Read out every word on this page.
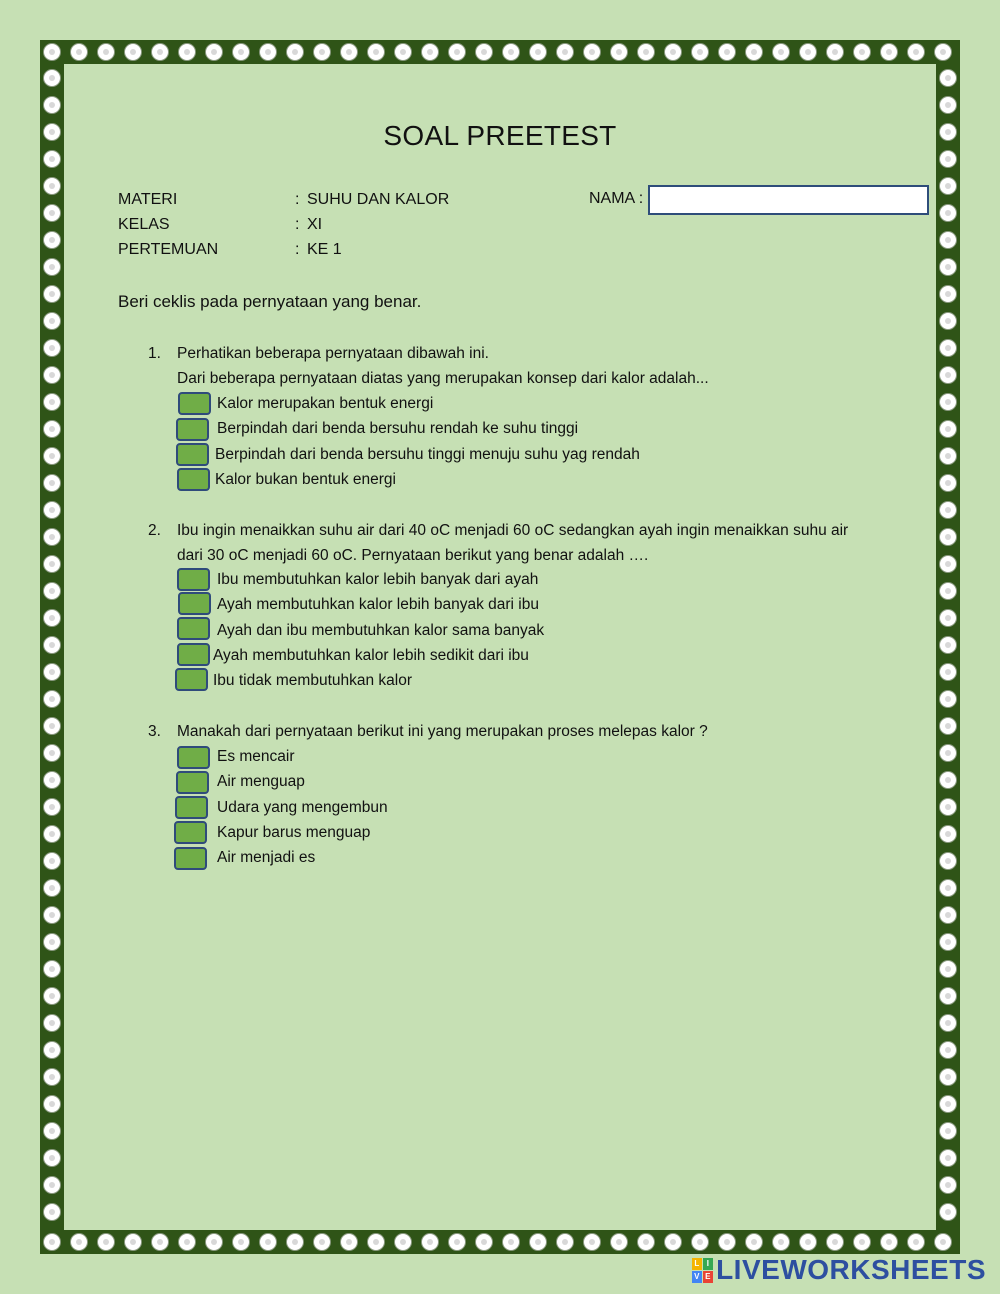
SOAL PREETEST
MATERI	: SUHU DAN KALOR
KELAS	: XI
PERTEMUAN	: KE 1
NAMA :
Beri ceklis pada pernyataan yang benar.
1. Perhatikan beberapa pernyataan dibawah ini.
Dari beberapa pernyataan diatas yang merupakan konsep dari kalor adalah...
Kalor merupakan bentuk energi
Berpindah dari benda bersuhu rendah ke suhu tinggi
Berpindah dari benda bersuhu tinggi menuju suhu yag rendah
Kalor bukan bentuk energi
2. Ibu ingin menaikkan suhu air dari 40 oC menjadi 60 oC sedangkan ayah ingin menaikkan suhu air
dari 30 oC menjadi 60 oC. Pernyataan berikut yang benar adalah ….
Ibu membutuhkan kalor lebih banyak dari ayah
Ayah membutuhkan kalor lebih banyak dari ibu
Ayah dan ibu membutuhkan kalor sama banyak
Ayah membutuhkan kalor lebih sedikit dari ibu
Ibu tidak membutuhkan kalor
3. Manakah dari pernyataan berikut ini yang merupakan proses melepas kalor ?
Es mencair
Air menguap
Udara yang mengembun
Kapur barus menguap
Air menjadi es
L I
V E LIVEWORKSHEETS
